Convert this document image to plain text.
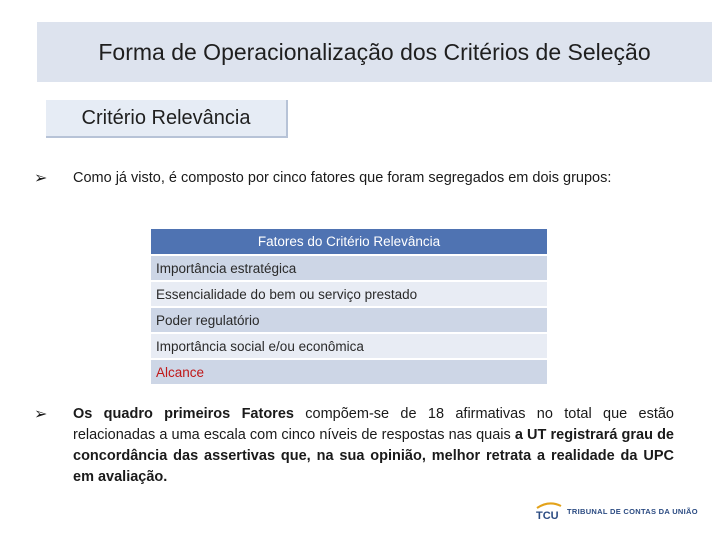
Forma de Operacionalização dos Critérios de Seleção
Critério Relevância
➢ Como já visto, é composto por cinco fatores que foram segregados em dois grupos:
Fatores do Critério Relevância
Importância estratégica
Essencialidade do bem ou serviço prestado
Poder regulatório
Importância social e/ou econômica
Alcance
➢ Os quadro primeiros Fatores compõem-se de 18 afirmativas no total que estão relacionadas a uma escala com cinco níveis de respostas nas quais a UT registrará grau de concordância das assertivas que, na sua opinião, melhor retrata a realidade da UPC em avaliação.
TCU TRIBUNAL DE CONTAS DA UNIÃO
